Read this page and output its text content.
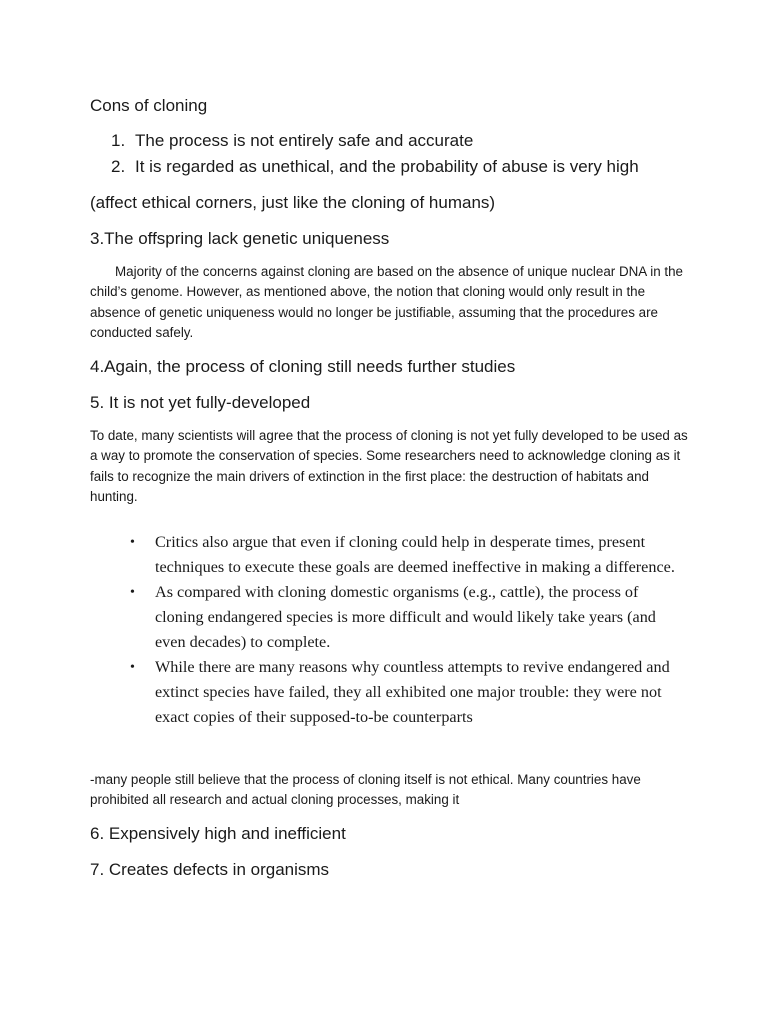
Cons of cloning
1. The process is not entirely safe and accurate
2. It is regarded as unethical, and the probability of abuse is very high
(affect ethical corners, just like the cloning of humans)
3.The offspring lack genetic uniqueness
Majority of the concerns against cloning are based on the absence of unique nuclear DNA in the child’s genome. However, as mentioned above, the notion that cloning would only result in the absence of genetic uniqueness would no longer be justifiable, assuming that the procedures are conducted safely.
4.Again, the process of cloning still needs further studies
5. It is not yet fully-developed
To date, many scientists will agree that the process of cloning is not yet fully developed to be used as a way to promote the conservation of species. Some researchers need to acknowledge cloning as it fails to recognize the main drivers of extinction in the first place: the destruction of habitats and hunting.
• Critics also argue that even if cloning could help in desperate times, present techniques to execute these goals are deemed ineffective in making a difference.
• As compared with cloning domestic organisms (e.g., cattle), the process of cloning endangered species is more difficult and would likely take years (and even decades) to complete.
• While there are many reasons why countless attempts to revive endangered and extinct species have failed, they all exhibited one major trouble: they were not exact copies of their supposed-to-be counterparts
-many people still believe that the process of cloning itself is not ethical. Many countries have prohibited all research and actual cloning processes, making it
6. Expensively high and inefficient
7. Creates defects in organisms
